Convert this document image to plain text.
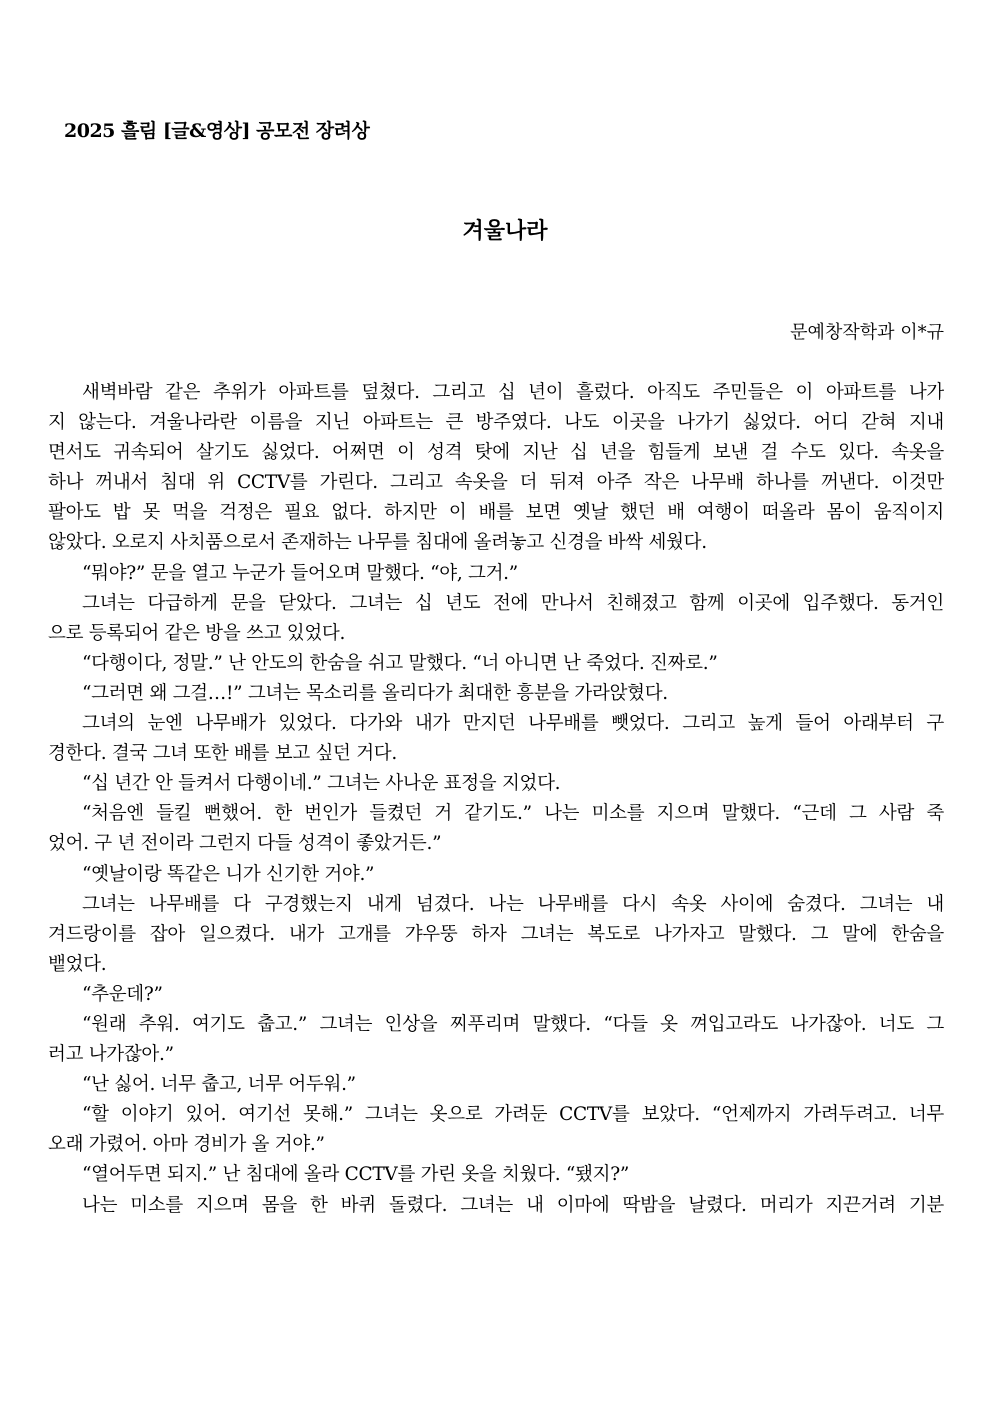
2025 흘림 [글&영상] 공모전 장려상
겨울나라
문예창작학과 이*규
새벽바람 같은 추위가 아파트를 덮쳤다. 그리고 십 년이 흘렀다. 아직도 주민들은 이 아파트를 나가
지 않는다. 겨울나라란 이름을 지닌 아파트는 큰 방주였다. 나도 이곳을 나가기 싫었다. 어디 갇혀 지내
면서도 귀속되어 살기도 싫었다. 어쩌면 이 성격 탓에 지난 십 년을 힘들게 보낸 걸 수도 있다. 속옷을
하나 꺼내서 침대 위 CCTV를 가린다. 그리고 속옷을 더 뒤져 아주 작은 나무배 하나를 꺼낸다. 이것만
팔아도 밥 못 먹을 걱정은 필요 없다. 하지만 이 배를 보면 옛날 했던 배 여행이 떠올라 몸이 움직이지
않았다. 오로지 사치품으로서 존재하는 나무를 침대에 올려놓고 신경을 바싹 세웠다.
“뭐야?” 문을 열고 누군가 들어오며 말했다. “야, 그거.”
그녀는 다급하게 문을 닫았다. 그녀는 십 년도 전에 만나서 친해졌고 함께 이곳에 입주했다. 동거인
으로 등록되어 같은 방을 쓰고 있었다.
“다행이다, 정말.” 난 안도의 한숨을 쉬고 말했다. “너 아니면 난 죽었다. 진짜로.”
“그러면 왜 그걸…!” 그녀는 목소리를 올리다가 최대한 흥분을 가라앉혔다.
그녀의 눈엔 나무배가 있었다. 다가와 내가 만지던 나무배를 뺏었다. 그리고 높게 들어 아래부터 구
경한다. 결국 그녀 또한 배를 보고 싶던 거다.
“십 년간 안 들켜서 다행이네.” 그녀는 사나운 표정을 지었다.
“처음엔 들킬 뻔했어. 한 번인가 들켰던 거 같기도.” 나는 미소를 지으며 말했다. “근데 그 사람 죽
었어. 구 년 전이라 그런지 다들 성격이 좋았거든.”
“옛날이랑 똑같은 니가 신기한 거야.”
그녀는 나무배를 다 구경했는지 내게 넘겼다. 나는 나무배를 다시 속옷 사이에 숨겼다. 그녀는 내
겨드랑이를 잡아 일으켰다. 내가 고개를 갸우뚱 하자 그녀는 복도로 나가자고 말했다. 그 말에 한숨을
뱉었다.
“추운데?”
“원래 추워. 여기도 춥고.” 그녀는 인상을 찌푸리며 말했다. “다들 옷 껴입고라도 나가잖아. 너도 그
러고 나가잖아.”
“난 싫어. 너무 춥고, 너무 어두워.”
“할 이야기 있어. 여기선 못해.” 그녀는 옷으로 가려둔 CCTV를 보았다. “언제까지 가려두려고. 너무
오래 가렸어. 아마 경비가 올 거야.”
“열어두면 되지.” 난 침대에 올라 CCTV를 가린 옷을 치웠다. “됐지?”
나는 미소를 지으며 몸을 한 바퀴 돌렸다. 그녀는 내 이마에 딱밤을 날렸다. 머리가 지끈거려 기분
